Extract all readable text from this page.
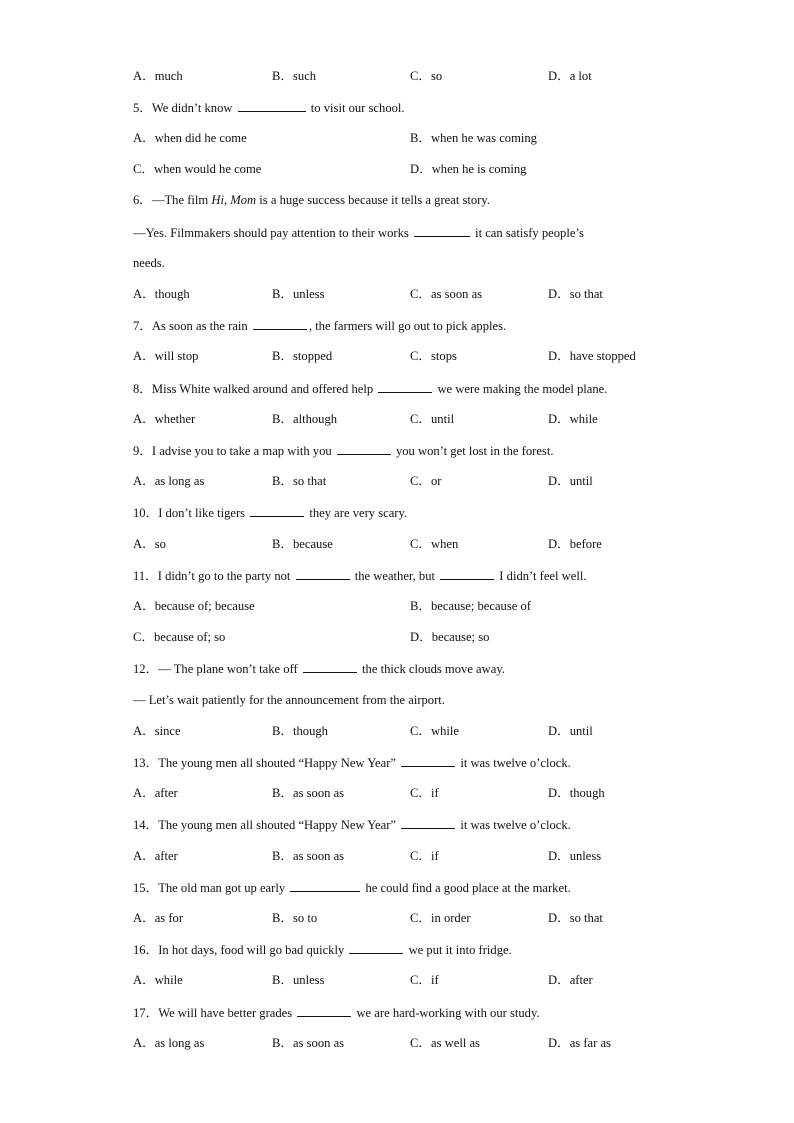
A．much	B．such	C．so	D．a lot
5．We didn’t know	to visit our school.
A．when did he come	B．when he was coming
C．when would he come	D．when he is coming
6．—The film Hi, Mom is a huge success because it tells a great story.
—Yes. Filmmakers should pay attention to their works	it can satisfy people’s
needs.
A．though	B．unless	C．as soon as	D．so that
7．As soon as the rain	, the farmers will go out to pick apples.
A．will stop	B．stopped	C．stops	D．have stopped
8．Miss White walked around and offered help	we were making the model plane.
A．whether	B．although	C．until	D．while
9．I advise you to take a map with you	you won’t get lost in the forest.
A．as long as	B．so that	C．or	D．until
10．I don’t like tigers	they are very scary.
A．so	B．because	C．when	D．before
11．I didn’t go to the party not	the weather, but	I didn’t feel well.
A．because of; because	B．because; because of
C．because of; so	D．because; so
12．— The plane won’t take off	the thick clouds move away.
— Let’s wait patiently for the announcement from the airport.
A．since	B．though	C．while	D．until
13．The young men all shouted “Happy New Year”	it was twelve o’clock.
A．after	B．as soon as	C．if	D．though
14．The young men all shouted “Happy New Year”	it was twelve o’clock.
A．after	B．as soon as	C．if	D．unless
15．The old man got up early	he could find a good place at the market.
A．as for	B．so to	C．in order	D．so that
16．In hot days, food will go bad quickly	we put it into fridge.
A．while	B．unless	C．if	D．after
17．We will have better grades	we are hard-working with our study.
A．as long as	B．as soon as	C．as well as	D．as far as
